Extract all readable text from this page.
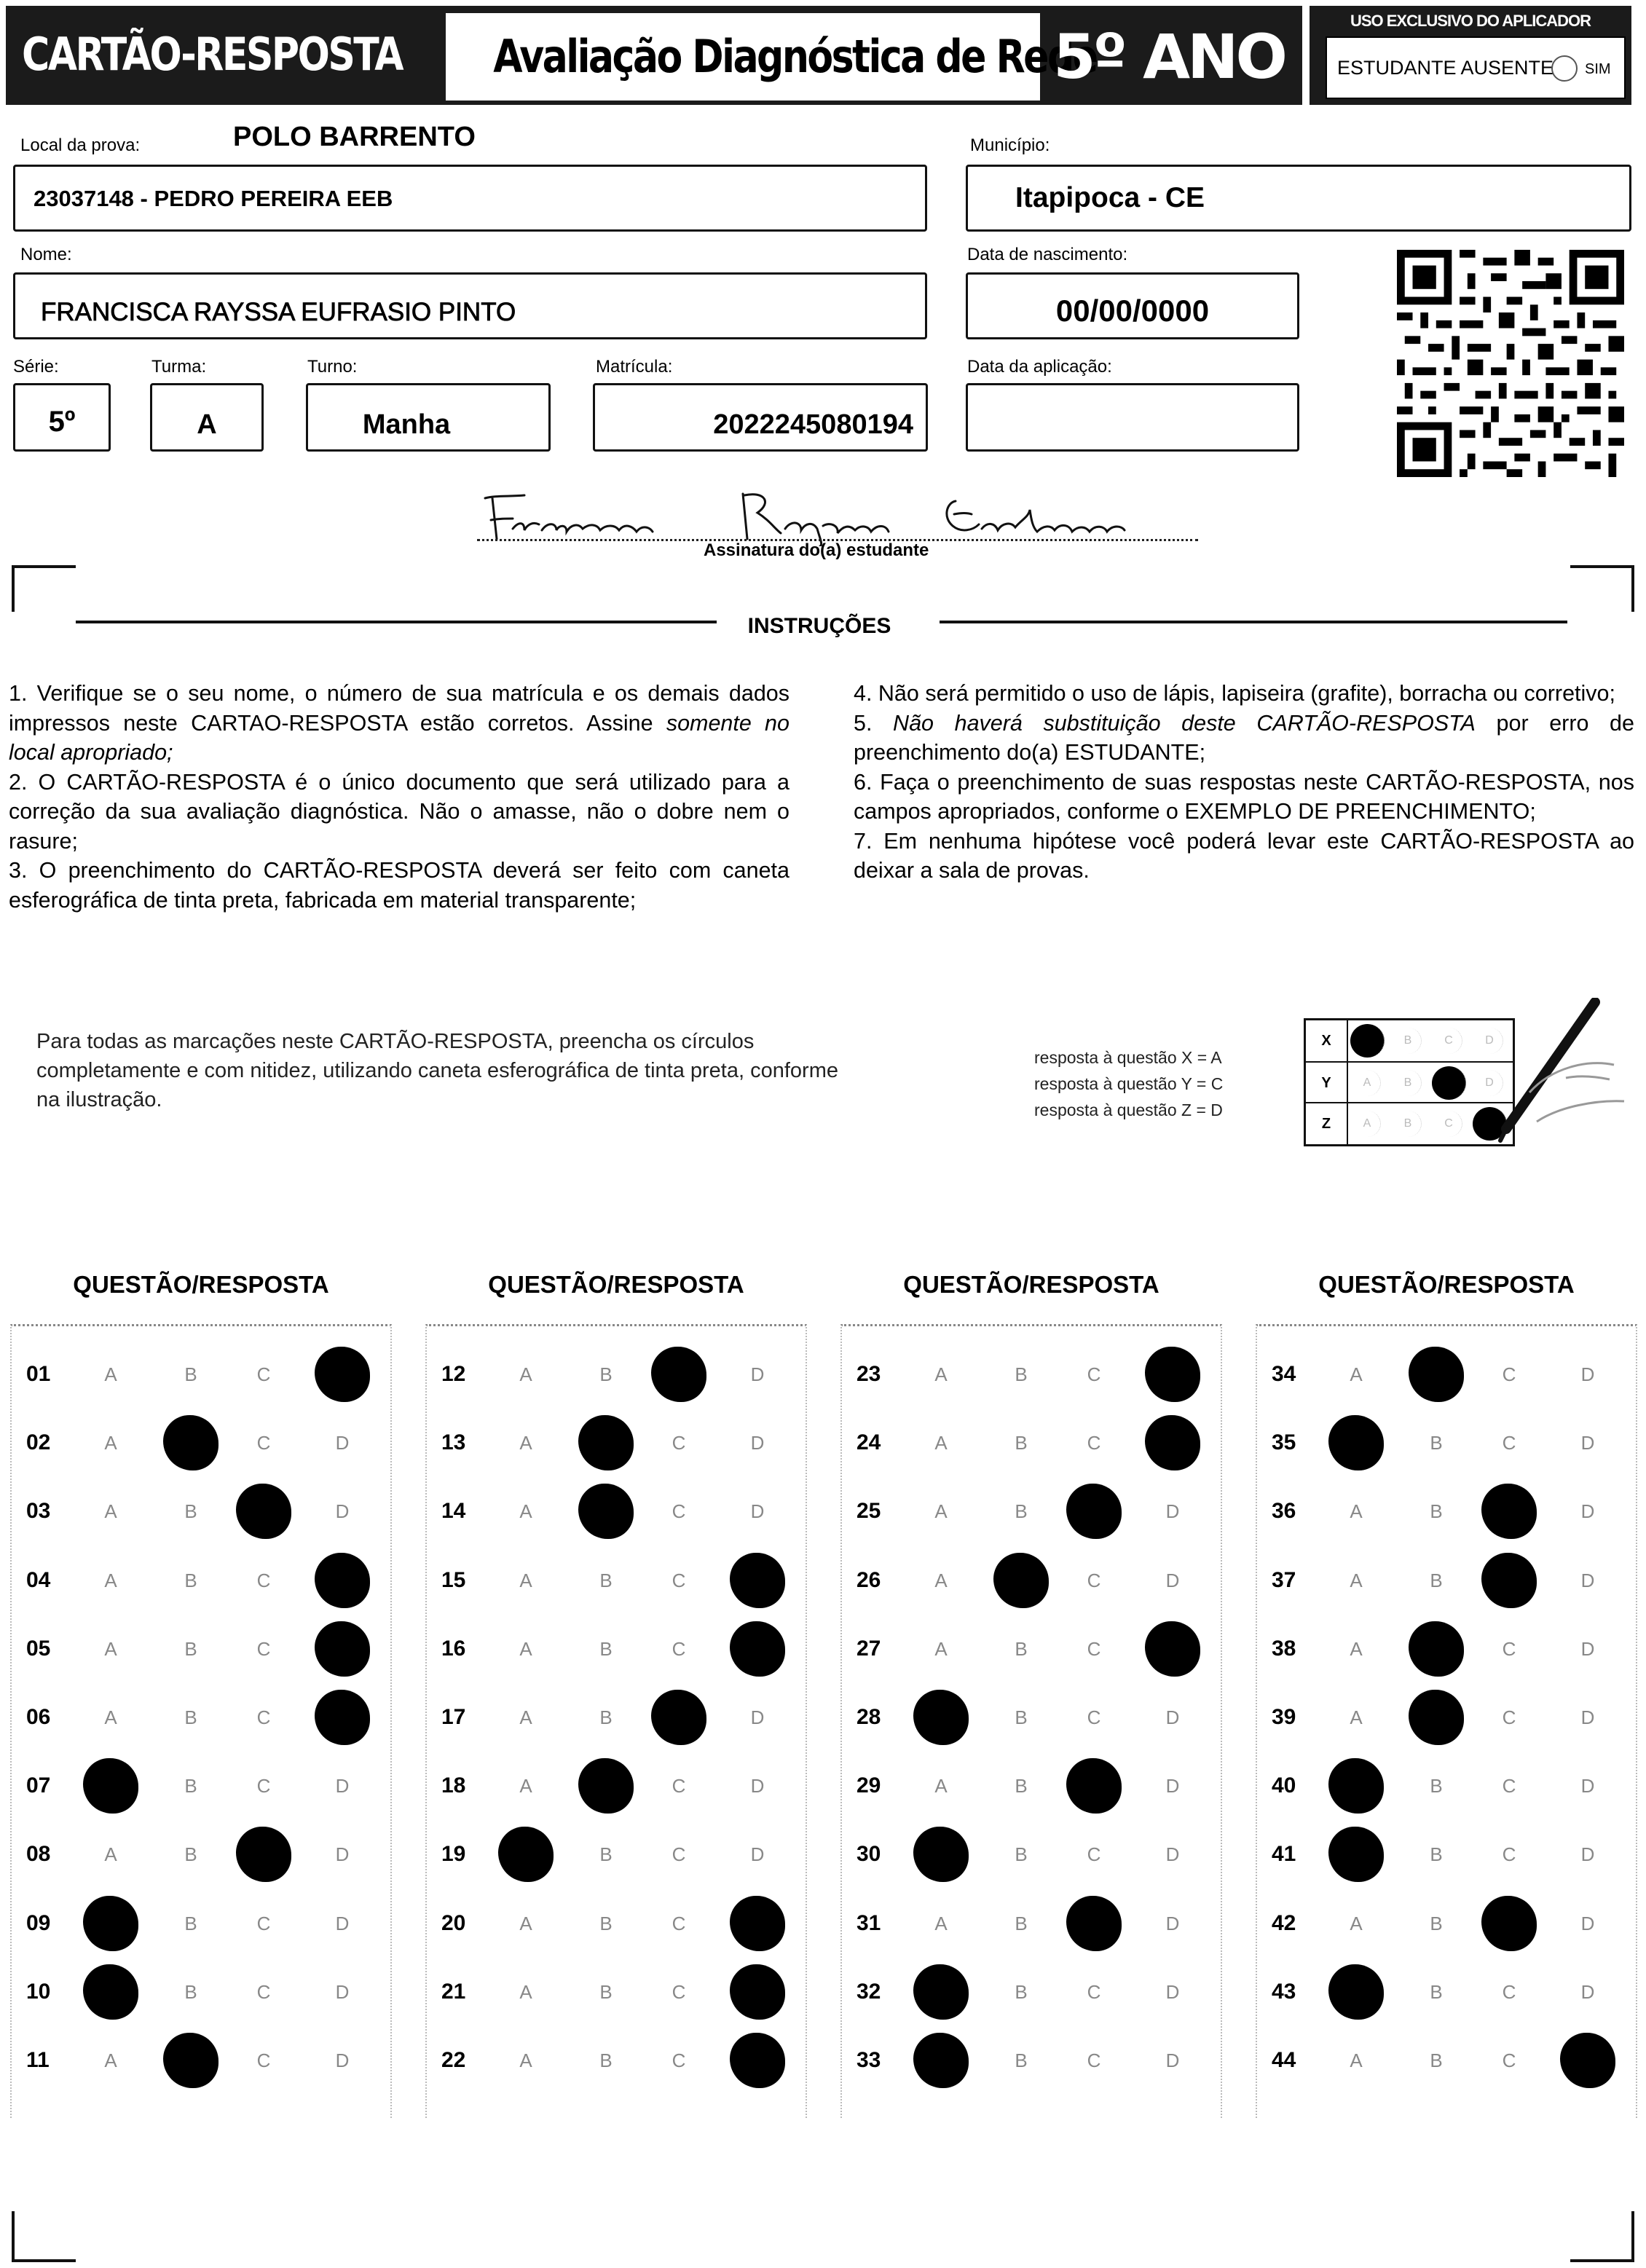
CARTÃO-RESPOSTA Avaliação Diagnóstica de Rede
5º ANO
USO EXCLUSIVO DO APLICADOR
ESTUDANTE AUSENTE SIM
Local da prova:	POLO BARRENTO
23037148 - PEDRO PEREIRA EEB
Município:
Itapipoca - CE
Nome:
FRANCISCA RAYSSA EUFRASIO PINTO
Data de nascimento:
00/00/0000
Série:
5º
Turma:
A
Turno:
Manha
Matrícula:
2022245080194
Data da aplicação:
Assinatura do(a) estudante
INSTRUÇÕES

1. Verifique se o seu nome, o número de sua matrícula e os demais dados impressos neste CARTAO-RESPOSTA estão corretos. Assine somente no local apropriado;

2. O CARTÃO-RESPOSTA é o único documento que será utilizado para a correção da sua avaliação diagnóstica. Não o amasse, não o dobre nem o rasure;

3. O preenchimento do CARTÃO-RESPOSTA deverá ser feito com caneta esferográfica de tinta preta, fabricada em material transparente;

4. Não será permitido o uso de lápis, lapiseira (grafite), borracha ou corretivo;

5. Não haverá substituição deste CARTÃO-RESPOSTA por erro de preenchimento do(a) ESTUDANTE;

6. Faça o preenchimento de suas respostas neste CARTÃO-RESPOSTA, nos campos apropriados, conforme o EXEMPLO DE PREENCHIMENTO;

7. Em nenhuma hipótese você poderá levar este CARTÃO-RESPOSTA ao deixar a sala de provas.

Para todas as marcações neste CARTÃO-RESPOSTA, preencha os círculos completamente e com nitidez, utilizando caneta esferográfica de tinta preta, conforme na ilustração.
resposta à questão X = A
resposta à questão Y = C
resposta à questão Z = D
X	A	B	C	D
Y	A	B	C	D
Z	A	B	C	D
QUESTÃO/RESPOSTA
01	A	B	C	D
02	A	B	C	D
03	A	B	C	D
04	A	B	C	D
05	A	B	C	D
06	A	B	C	D
07	A	B	C	D
08	A	B	C	D
09	A	B	C	D
10	A	B	C	D
11	A	B	C	D
QUESTÃO/RESPOSTA
12	A	B	C	D
13	A	B	C	D
14	A	B	C	D
15	A	B	C	D
16	A	B	C	D
17	A	B	C	D
18	A	B	C	D
19	A	B	C	D
20	A	B	C	D
21	A	B	C	D
22	A	B	C	D
QUESTÃO/RESPOSTA
23	A	B	C	D
24	A	B	C	D
25	A	B	C	D
26	A	B	C	D
27	A	B	C	D
28	A	B	C	D
29	A	B	C	D
30	A	B	C	D
31	A	B	C	D
32	A	B	C	D
33	A	B	C	D
QUESTÃO/RESPOSTA
34	A	B	C	D
35	A	B	C	D
36	A	B	C	D
37	A	B	C	D
38	A	B	C	D
39	A	B	C	D
40	A	B	C	D
41	A	B	C	D
42	A	B	C	D
43	A	B	C	D
44	A	B	C	D
